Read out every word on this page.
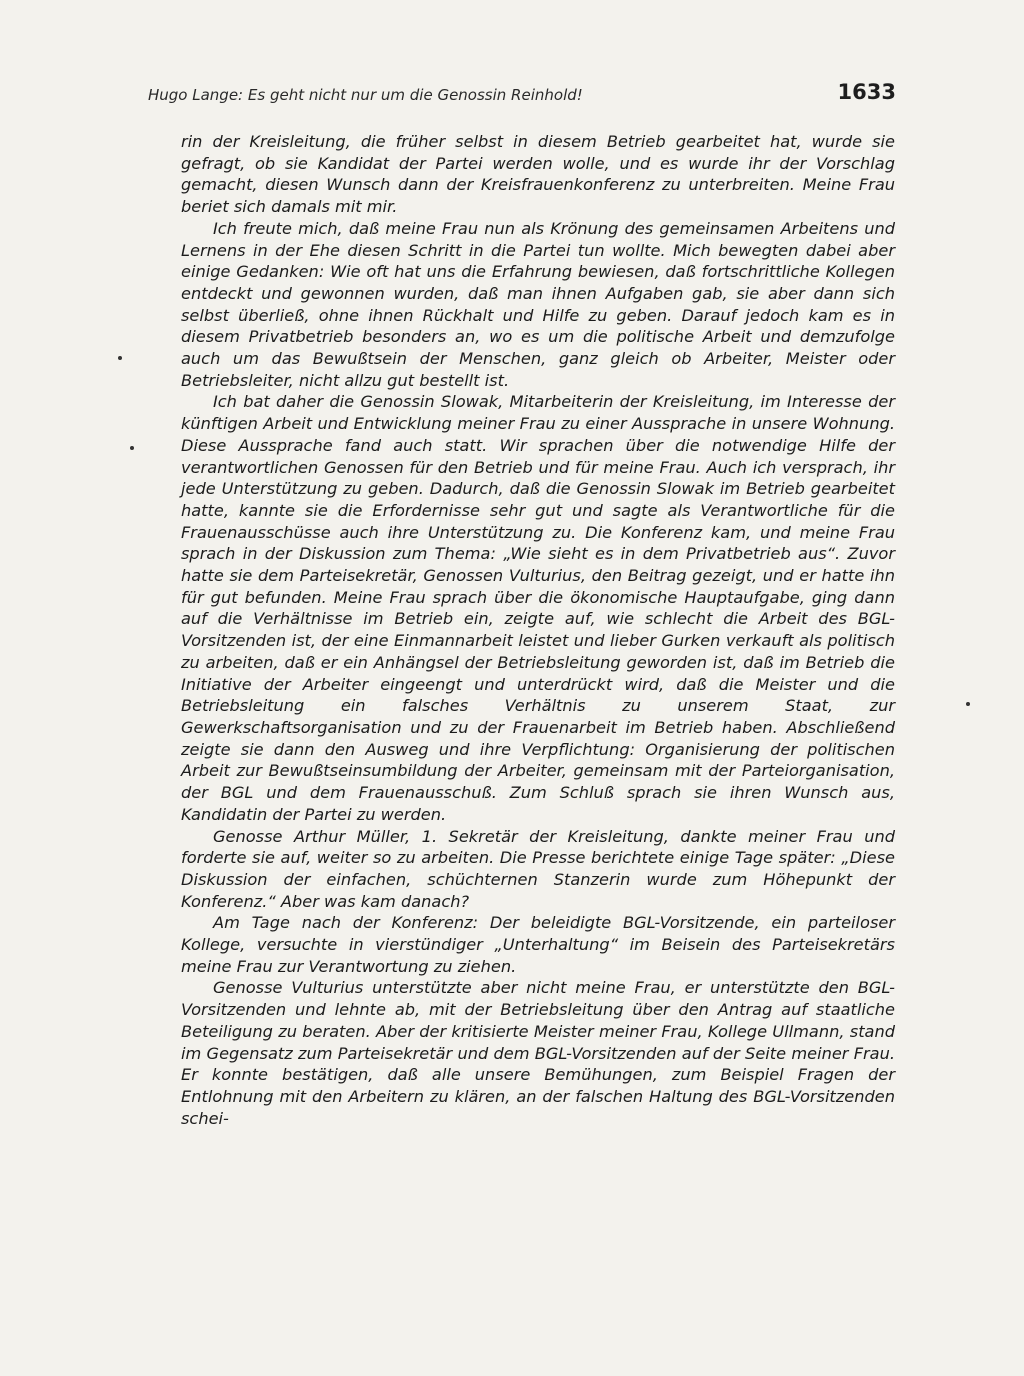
Hugo Lange: Es geht nicht nur um die Genossin Reinhold!	1633

rin der Kreisleitung, die früher selbst in diesem Betrieb gearbeitet hat, wurde sie gefragt, ob sie Kandidat der Partei werden wolle, und es wurde ihr der Vorschlag gemacht, diesen Wunsch dann der Kreisfrauenkonferenz zu unterbreiten. Meine Frau beriet sich damals mit mir.

Ich freute mich, daß meine Frau nun als Krönung des gemeinsamen Arbeitens und Lernens in der Ehe diesen Schritt in die Partei tun wollte. Mich bewegten dabei aber einige Gedanken: Wie oft hat uns die Erfahrung bewiesen, daß fortschrittliche Kollegen entdeckt und gewonnen wurden, daß man ihnen Aufgaben gab, sie aber dann sich selbst überließ, ohne ihnen Rückhalt und Hilfe zu geben. Darauf jedoch kam es in diesem Privatbetrieb besonders an, wo es um die politische Arbeit und demzufolge auch um das Bewußtsein der Menschen, ganz gleich ob Arbeiter, Meister oder Betriebsleiter, nicht allzu gut bestellt ist.

Ich bat daher die Genossin Slowak, Mitarbeiterin der Kreisleitung, im Interesse der künftigen Arbeit und Entwicklung meiner Frau zu einer Aussprache in unsere Wohnung. Diese Aussprache fand auch statt. Wir sprachen über die notwendige Hilfe der verantwortlichen Genossen für den Betrieb und für meine Frau. Auch ich versprach, ihr jede Unterstützung zu geben. Dadurch, daß die Genossin Slowak im Betrieb gearbeitet hatte, kannte sie die Erfordernisse sehr gut und sagte als Verantwortliche für die Frauenausschüsse auch ihre Unterstützung zu. Die Konferenz kam, und meine Frau sprach in der Diskussion zum Thema: „Wie sieht es in dem Privatbetrieb aus“. Zuvor hatte sie dem Parteisekretär, Genossen Vulturius, den Beitrag gezeigt, und er hatte ihn für gut befunden. Meine Frau sprach über die ökonomische Hauptaufgabe, ging dann auf die Verhältnisse im Betrieb ein, zeigte auf, wie schlecht die Arbeit des BGL-Vorsitzenden ist, der eine Einmannarbeit leistet und lieber Gurken verkauft als politisch zu arbeiten, daß er ein Anhängsel der Betriebsleitung geworden ist, daß im Betrieb die Initiative der Arbeiter eingeengt und unterdrückt wird, daß die Meister und die Betriebsleitung ein falsches Verhältnis zu unserem Staat, zur Gewerkschaftsorganisation und zu der Frauenarbeit im Betrieb haben. Abschließend zeigte sie dann den Ausweg und ihre Verpflichtung: Organisierung der politischen Arbeit zur Bewußtseinsumbildung der Arbeiter, gemeinsam mit der Parteiorganisation, der BGL und dem Frauenausschuß. Zum Schluß sprach sie ihren Wunsch aus, Kandidatin der Partei zu werden.

Genosse Arthur Müller, 1. Sekretär der Kreisleitung, dankte meiner Frau und forderte sie auf, weiter so zu arbeiten. Die Presse berichtete einige Tage später: „Diese Diskussion der einfachen, schüchternen Stanzerin wurde zum Höhepunkt der Konferenz.“ Aber was kam danach?

Am Tage nach der Konferenz: Der beleidigte BGL-Vorsitzende, ein parteiloser Kollege, versuchte in vierstündiger „Unterhaltung“ im Beisein des Parteisekretärs meine Frau zur Verantwortung zu ziehen.

Genosse Vulturius unterstützte aber nicht meine Frau, er unterstützte den BGL-Vorsitzenden und lehnte ab, mit der Betriebsleitung über den Antrag auf staatliche Beteiligung zu beraten. Aber der kritisierte Meister meiner Frau, Kollege Ullmann, stand im Gegensatz zum Parteisekretär und dem BGL-Vorsitzenden auf der Seite meiner Frau. Er konnte bestätigen, daß alle unsere Bemühungen, zum Beispiel Fragen der Entlohnung mit den Arbeitern zu klären, an der falschen Haltung des BGL-Vorsitzenden schei-
